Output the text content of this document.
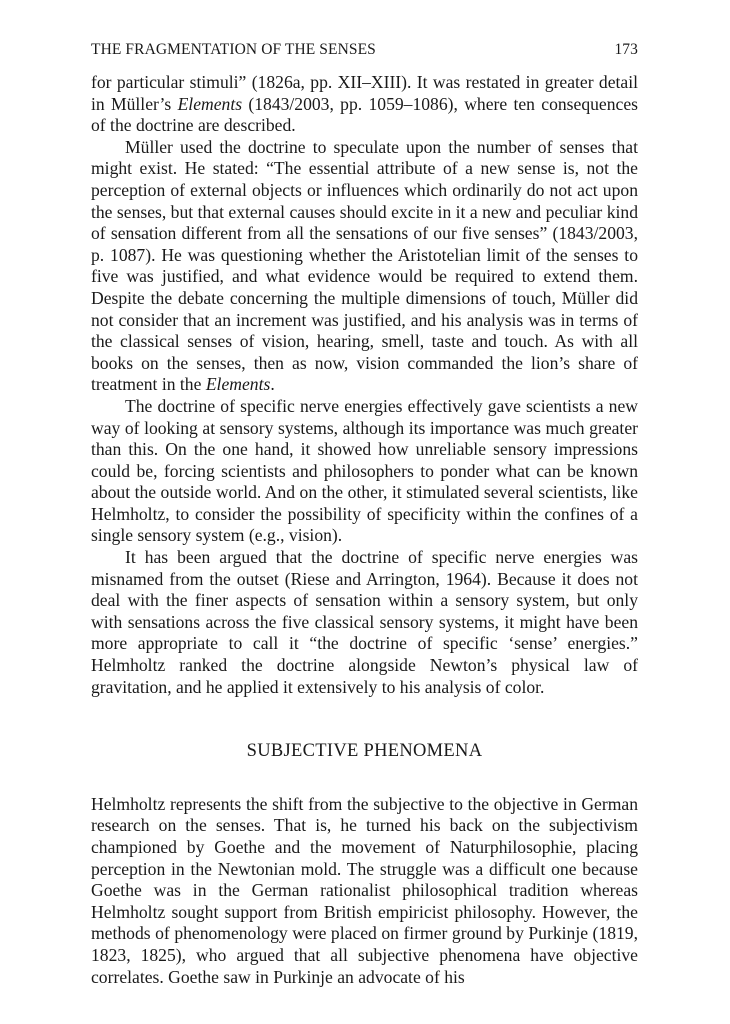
THE FRAGMENTATION OF THE SENSES	173

for particular stimuli” (1826a, pp. XII–XIII). It was restated in greater detail in Müller’s Elements (1843/2003, pp. 1059–1086), where ten consequences of the doctrine are described.

Müller used the doctrine to speculate upon the number of senses that might exist. He stated: “The essential attribute of a new sense is, not the perception of external objects or influences which ordinarily do not act upon the senses, but that external causes should excite in it a new and peculiar kind of sensation different from all the sensations of our five senses” (1843/2003, p. 1087). He was questioning whether the Aristotelian limit of the senses to five was justified, and what evidence would be required to extend them. Despite the debate concerning the multiple dimensions of touch, Müller did not consider that an increment was justified, and his analysis was in terms of the classical senses of vision, hearing, smell, taste and touch. As with all books on the senses, then as now, vision commanded the lion’s share of treatment in the Elements.

The doctrine of specific nerve energies effectively gave scientists a new way of looking at sensory systems, although its importance was much greater than this. On the one hand, it showed how unreliable sensory impressions could be, forcing scientists and philosophers to ponder what can be known about the outside world. And on the other, it stimulated several scientists, like Helmholtz, to consider the possibility of specificity within the confines of a single sensory system (e.g., vision).

It has been argued that the doctrine of specific nerve energies was misnamed from the outset (Riese and Arrington, 1964). Because it does not deal with the finer aspects of sensation within a sensory system, but only with sensations across the five classical sensory systems, it might have been more appropriate to call it “the doctrine of specific ‘sense’ energies.” Helmholtz ranked the doctrine alongside Newton’s physical law of gravitation, and he applied it extensively to his analysis of color.

SUBJECTIVE PHENOMENA

Helmholtz represents the shift from the subjective to the objective in German research on the senses. That is, he turned his back on the subjectivism championed by Goethe and the movement of Naturphilosophie, placing perception in the Newtonian mold. The struggle was a difficult one because Goethe was in the German rationalist philosophical tradition whereas Helmholtz sought support from British empiricist philosophy. However, the methods of phenomenology were placed on firmer ground by Purkinje (1819, 1823, 1825), who argued that all subjective phenomena have objective correlates. Goethe saw in Purkinje an advocate of his
